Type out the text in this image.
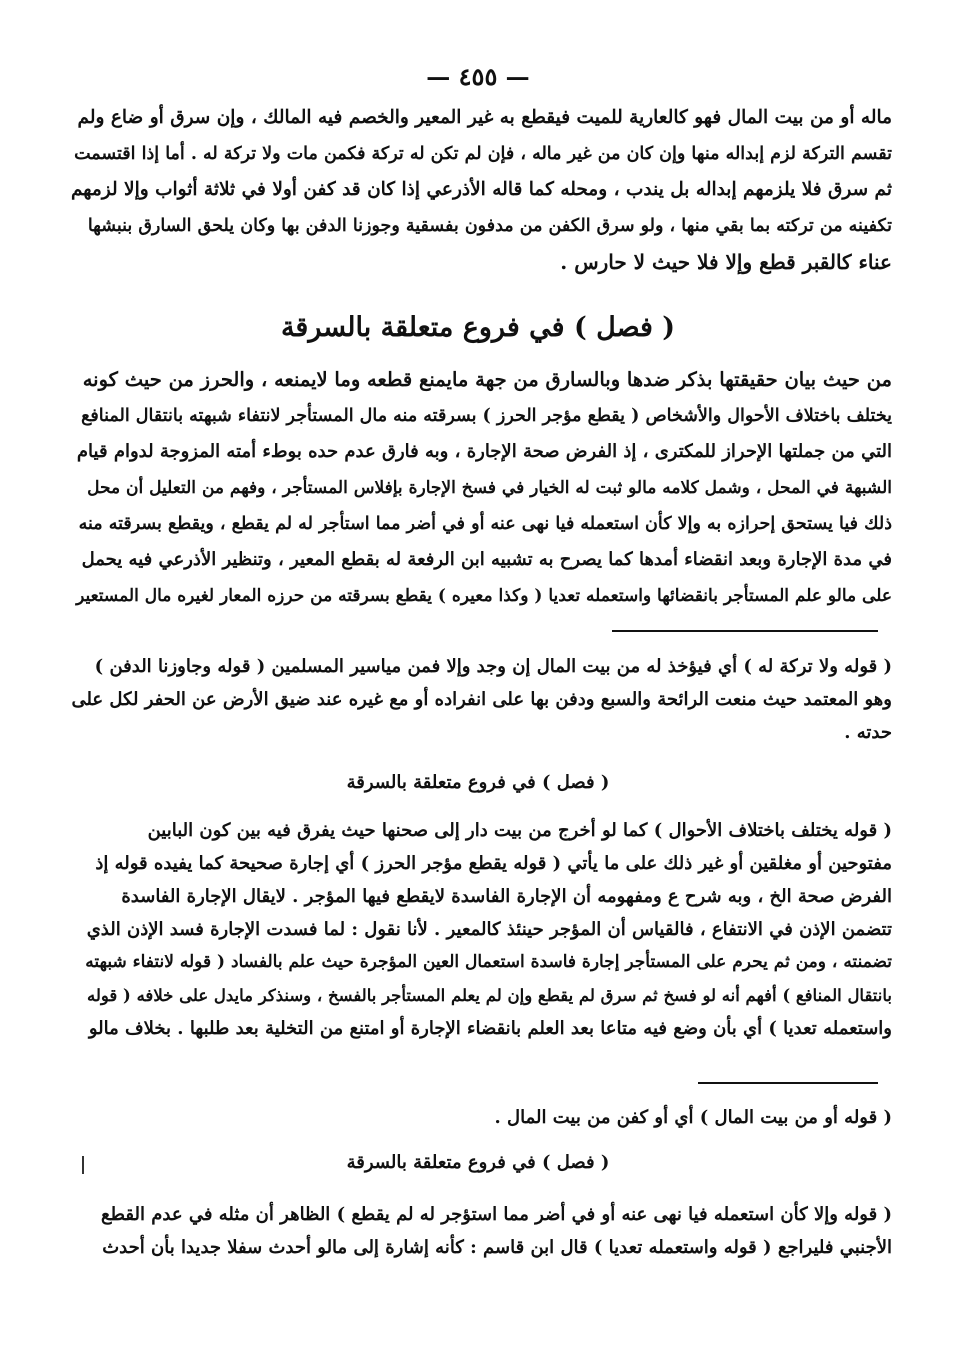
— ٤٥٥ —
ماله أو من بيت المال فهو كالعارية للميت فيقطع به غير المعير والخصم فيه المالك ، وإن سرق أو ضاع ولم
تقسم التركة لزم إبداله منها وإن كان من غير ماله ، فإن لم تكن له تركة فكمن مات ولا تركة له . أما إذا اقتسمت
ثم سرق فلا يلزمهم إبداله بل يندب ، ومحله كما قاله الأذرعي إذا كان قد كفن أولا في ثلاثة أثواب وإلا لزمهم
تكفينه من تركته بما بقي منها ، ولو سرق الكفن من مدفون بفسقية وجوزنا الدفن بها وكان يلحق السارق بنبشها
عناء كالقبر قطع وإلا فلا حيث لا حارس .
( فصل ) في فروع متعلقة بالسرقة
من حيث بيان حقيقتها بذكر ضدها وبالسارق من جهة مايمنع قطعه وما لايمنعه ، والحرز من حيث كونه
يختلف باختلاف الأحوال والأشخاص ( يقطع مؤجر الحرز ) بسرقته منه مال المستأجر لانتفاء شبهته بانتقال المنافع
التي من جملتها الإحراز للمكترى ، إذ الفرض صحة الإجارة ، وبه فارق عدم حده بوطء أمته المزوجة لدوام قيام
الشبهة في المحل ، وشمل كلامه مالو ثبت له الخيار في فسخ الإجارة بإفلاس المستأجر ، وفهم من التعليل أن محل
ذلك فيا يستحق إحرازه به وإلا كأن استعمله فيا نهى عنه أو في أضر مما استأجر له لم يقطع ، ويقطع بسرقته منه
في مدة الإجارة وبعد انقضاء أمدها كما يصرح به تشبيه ابن الرفعة له بقطع المعير ، وتنظير الأذرعي فيه يحمل
على مالو علم المستأجر بانقضائها واستعمله تعديا ( وكذا معيره ) يقطع بسرقته من حرزه المعار لغيره مال المستعير
( قوله ولا تركة له ) أي فيؤخذ له من بيت المال إن وجد وإلا فمن مياسير المسلمين ( قوله وجاوزنا الدفن )
وهو المعتمد حيث منعت الرائحة والسبع ودفن بها على انفراده أو مع غيره عند ضيق الأرض عن الحفر لكل على
حدته .
( فصل ) في فروع متعلقة بالسرقة
( قوله يختلف باختلاف الأحوال ) كما لو أخرج من بيت دار إلى صحنها حيث يفرق فيه بين كون البابين
مفتوحين أو مغلقين أو غير ذلك على ما يأتي ( قوله يقطع مؤجر الحرز ) أي إجارة صحيحة كما يفيده قوله إذ
الفرض صحة الخ ، وبه شرح ع ومفهومه أن الإجارة الفاسدة لايقطع فيها المؤجر . لايقال الإجارة الفاسدة
تتضمن الإذن في الانتفاع ، فالقياس أن المؤجر حينئذ كالمعير . لأنا نقول : لما فسدت الإجارة فسد الإذن الذي
تضمنته ، ومن ثم يحرم على المستأجر إجارة فاسدة استعمال العين المؤجرة حيث علم بالفساد ( قوله لانتفاء شبهته
بانتقال المنافع ) أفهم أنه لو فسخ ثم سرق لم يقطع وإن لم يعلم المستأجر بالفسخ ، وسنذكر مايدل على خلافه ( قوله
واستعمله تعديا ) أي بأن وضع فيه متاعا بعد العلم بانقضاء الإجارة أو امتنع من التخلية بعد طلبها . بخلاف مالو
( قوله أو من بيت المال ) أي أو كفن من بيت المال .
( فصل ) في فروع متعلقة بالسرقة
( قوله وإلا كأن استعمله فيا نهى عنه أو في أضر مما استؤجر له لم يقطع ) الظاهر أن مثله في عدم القطع
الأجنبي فليراجع ( قوله واستعمله تعديا ) قال ابن قاسم : كأنه إشارة إلى مالو أحدث سفلا جديدا بأن أحدث
